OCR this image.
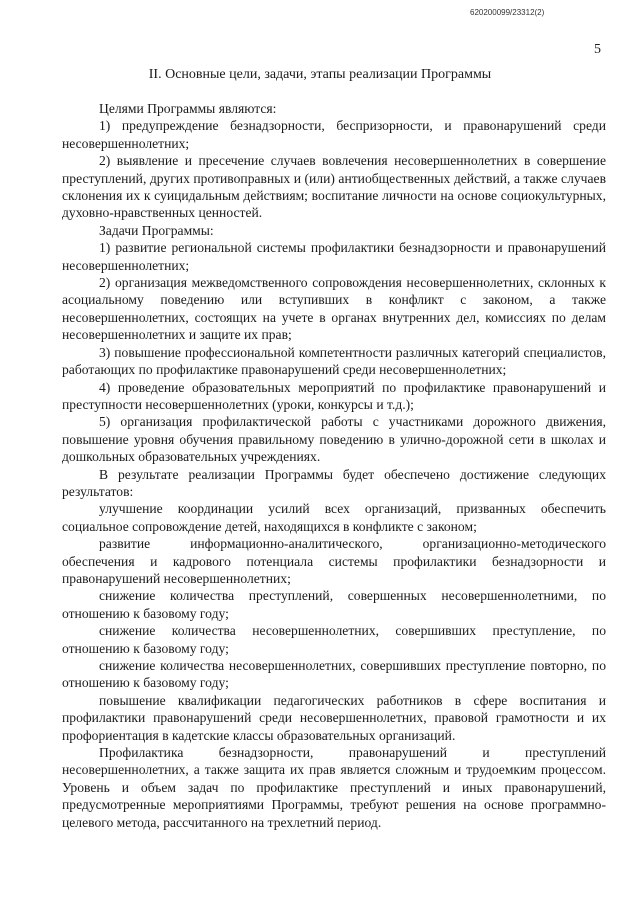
620200099/23312(2)
5
II. Основные цели, задачи, этапы реализации Программы

Целями Программы являются:

1) предупреждение безнадзорности, беспризорности, и правонарушений среди несовершеннолетних;

2) выявление и пресечение случаев вовлечения несовершеннолетних в совершение преступлений, других противоправных и (или) антиобщественных действий, а также случаев склонения их к суицидальным действиям; воспитание личности на основе социокультурных, духовно-нравственных ценностей.

Задачи Программы:

1) развитие региональной системы профилактики безнадзорности и правонарушений несовершеннолетних;

2) организация межведомственного сопровождения несовершеннолетних, склонных к асоциальному поведению или вступивших в конфликт с законом, а также несовершеннолетних, состоящих на учете в органах внутренних дел, комиссиях по делам несовершеннолетних и защите их прав;

3) повышение профессиональной компетентности различных категорий специалистов, работающих по профилактике правонарушений среди несовершеннолетних;

4) проведение образовательных мероприятий по профилактике правонарушений и преступности несовершеннолетних (уроки, конкурсы и т.д.);

5) организация профилактической работы с участниками дорожного движения, повышение уровня обучения правильному поведению в улично-дорожной сети в школах и дошкольных образовательных учреждениях.

В результате реализации Программы будет обеспечено достижение следующих результатов:

улучшение координации усилий всех организаций, призванных обеспечить социальное сопровождение детей, находящихся в конфликте с законом;

развитие информационно-аналитического, организационно-методического обеспечения и кадрового потенциала системы профилактики безнадзорности и правонарушений несовершеннолетних;

снижение количества преступлений, совершенных несовершеннолетними, по отношению к базовому году;

снижение количества несовершеннолетних, совершивших преступление, по отношению к базовому году;

снижение количества несовершеннолетних, совершивших преступление повторно, по отношению к базовому году;

повышение квалификации педагогических работников в сфере воспитания и профилактики правонарушений среди несовершеннолетних, правовой грамотности и их профориентация в кадетские классы образовательных организаций.

Профилактика безнадзорности, правонарушений и преступлений несовершеннолетних, а также защита их прав является сложным и трудоемким процессом. Уровень и объем задач по профилактике преступлений и иных правонарушений, предусмотренные мероприятиями Программы, требуют решения на основе программно-целевого метода, рассчитанного на трехлетний период.
